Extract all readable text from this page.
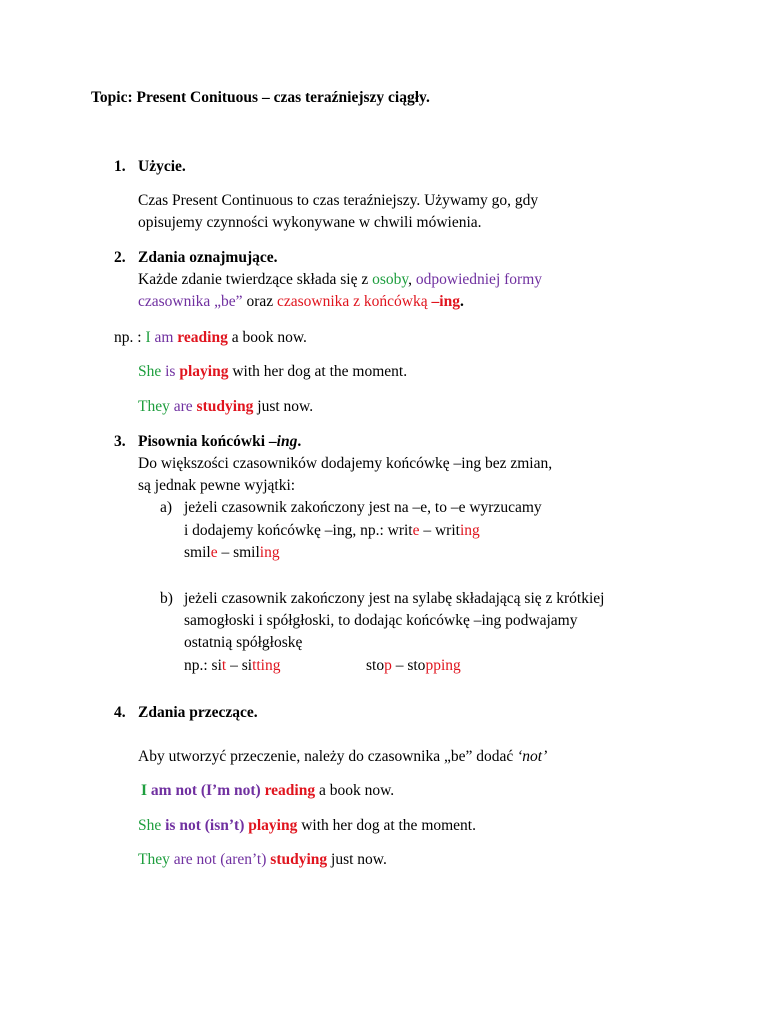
Topic: Present Conituous – czas teraźniejszy ciągły.
1. Użycie.
Czas Present Continuous to czas teraźniejszy. Używamy go, gdy
opisujemy czynności wykonywane w chwili mówienia.
2. Zdania oznajmujące.
Każde zdanie twierdzące składa się z osoby, odpowiedniej formy
czasownika „be” oraz czasownika z końcówką –ing.
np. : I am reading a book now.
She is playing with her dog at the moment.
They are studying just now.
3. Pisownia końcówki –ing.
Do większości czasowników dodajemy końcówkę –ing bez zmian,
są jednak pewne wyjątki:
a) jeżeli czasownik zakończony jest na –e, to –e wyrzucamy
i dodajemy końcówkę –ing, np.: write – writing
smile – smiling
b) jeżeli czasownik zakończony jest na sylabę składającą się z krótkiej
samogłoski i spółgłoski, to dodając końcówkę –ing podwajamy
ostatnią spółgłoskę
np.: sit – sitting	stop – stopping
4. Zdania przeczące.
Aby utworzyć przeczenie, należy do czasownika „be” dodać ‘not’
I am not (I’m not) reading a book now.
She is not (isn’t) playing with her dog at the moment.
They are not (aren’t) studying just now.
